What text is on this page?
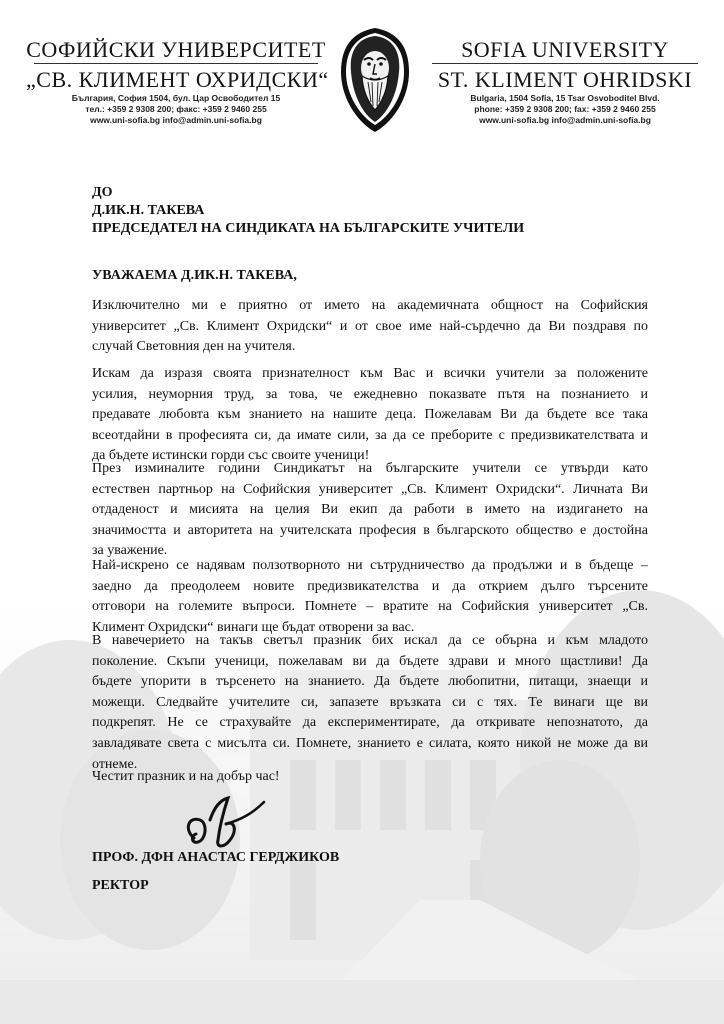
СОФИЙСКИ УНИВЕРСИТЕТ
„СВ. КЛИМЕНТ ОХРИДСКИ“
България, София 1504, бул. Цар Освободител 15
тел.: +359 2 9308 200; факс: +359 2 9460 255
www.uni-sofia.bg info@admin.uni-sofia.bg
SOFIA UNIVERSITY
ST. KLIMENT OHRIDSKI
Bulgaria, 1504 Sofia, 15 Tsar Osvoboditel Blvd.
phone: +359 2 9308 200; fax: +359 2 9460 255
www.uni-sofia.bg info@admin.uni-sofia.bg
ДО
Д.ИК.Н. ТАКЕВА
ПРЕДСЕДАТЕЛ НА СИНДИКАТА НА БЪЛГАРСКИТЕ УЧИТЕЛИ
УВАЖАЕМА Д.ИК.Н. ТАКЕВА,
Изключително ми е приятно от името на академичната общност на Софийския
университет „Св. Климент Охридски“ и от свое име най-сърдечно да Ви поздравя по
случай Световния ден на учителя.
Искам да изразя своята признателност към Вас и всички учители за положените
усилия, неуморния труд, за това, че ежедневно показвате пътя на познанието и
предавате любовта към знанието на нашите деца. Пожелавам Ви да бъдете все така
всеотдайни в професията си, да имате сили, за да се преборите с предизвикателствата и
да бъдете истински горди със своите ученици!
През изминалите години Синдикатът на българските учители се утвърди като
естествен партньор на Софийския университет „Св. Климент Охридски“. Личната Ви
отдаденост и мисията на целия Ви екип да работи в името на издигането на
значимостта и авторитета на учителската професия в българското общество е достойна
за уважение.
Най-искрено се надявам ползотворното ни сътрудничество да продължи и в бъдеще –
заедно да преодолеем новите предизвикателства и да открием дълго търсените
отговори на големите въпроси. Помнете – вратите на Софийския университет „Св.
Климент Охридски“ винаги ще бъдат отворени за вас.
В навечерието на такъв светъл празник бих искал да се обърна и към младото
поколение. Скъпи ученици, пожелавам ви да бъдете здрави и много щастливи! Да
бъдете упорити в търсенето на знанието. Да бъдете любопитни, питащи, знаещи и
можещи. Следвайте учителите си, запазете връзката си с тях. Те винаги ще ви
подкрепят. Не се страхувайте да експериментирате, да откривате непознатото, да
завладявате света с мисълта си. Помнете, знанието е силата, която никой не може да ви
отнеме.
Честит празник и на добър час!
ПРОФ. ДФН АНАСТАС ГЕРДЖИКОВ
РЕКТОР
